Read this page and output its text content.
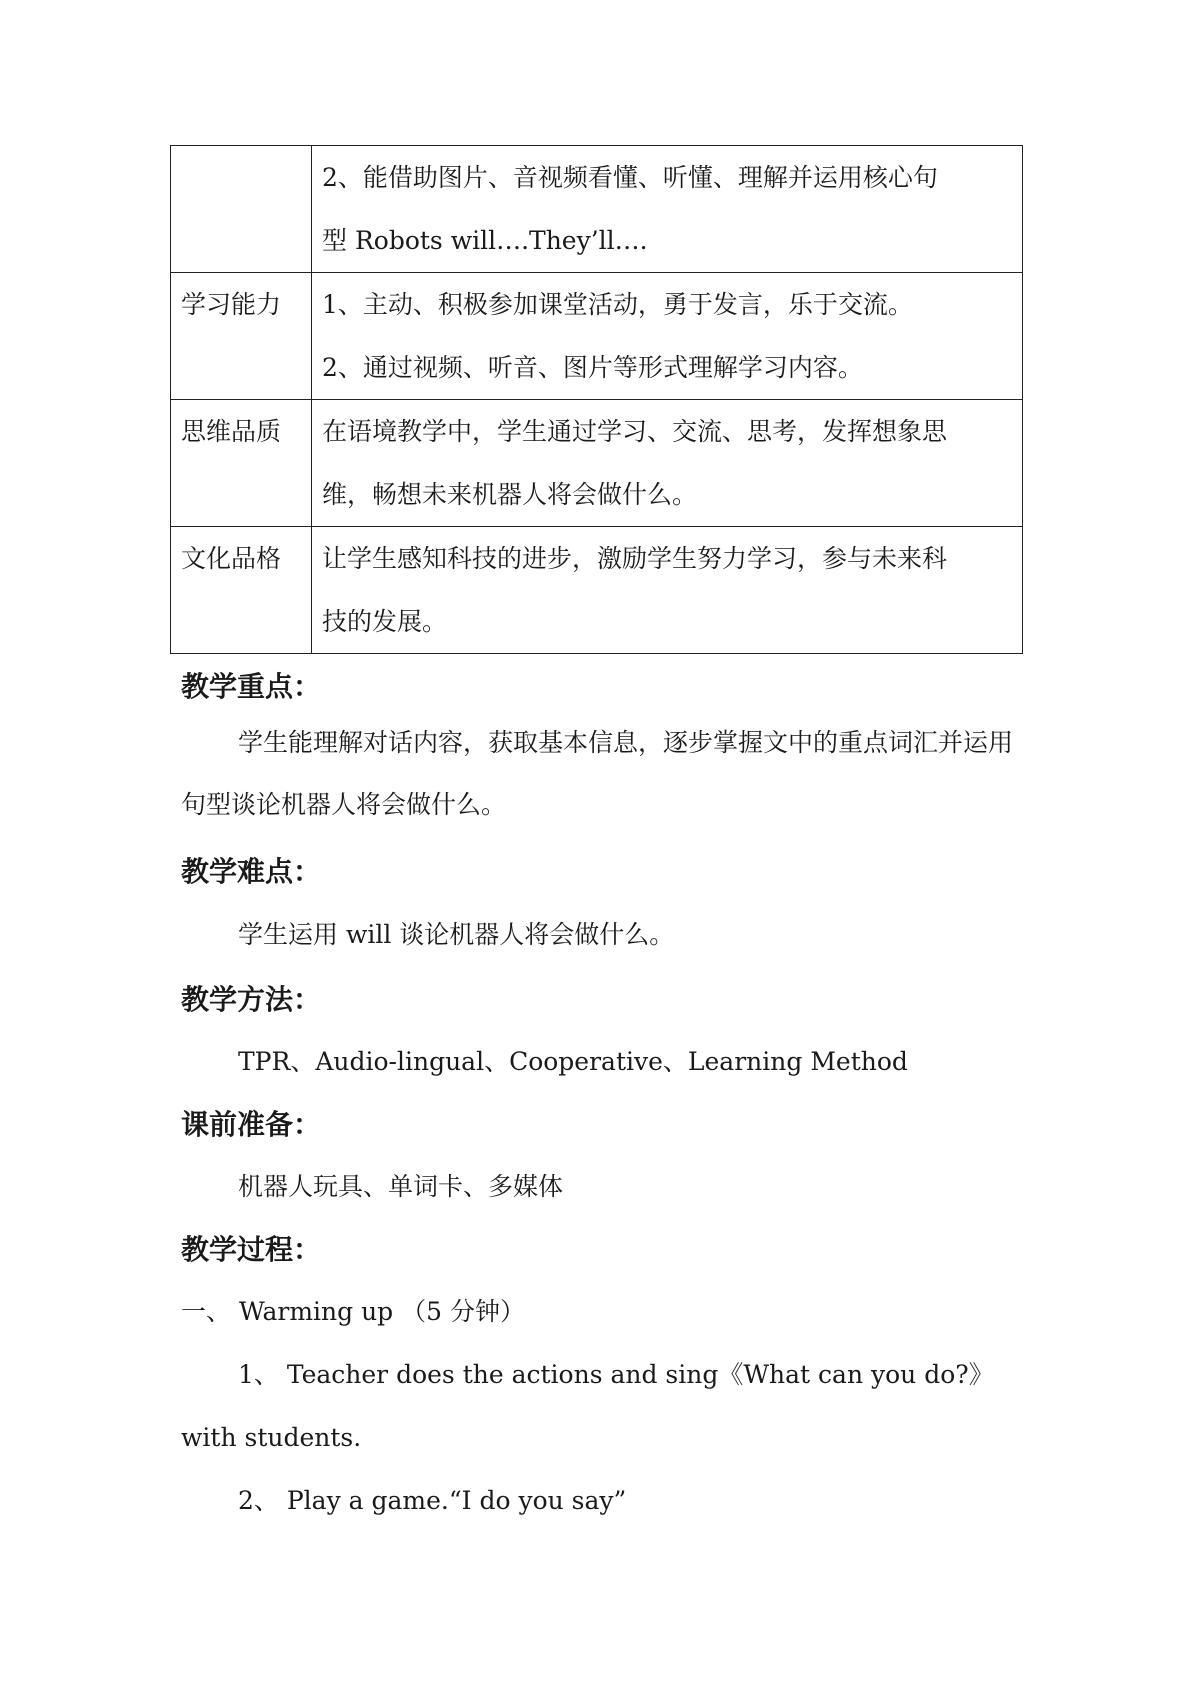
	2、能借助图片、音视频看懂、听懂、理解并运用核心句
型 Robots will….They’ll….

学习能力	1、主动、积极参加课堂活动，勇于发言，乐于交流。
2、通过视频、听音、图片等形式理解学习内容。

思维品质	在语境教学中，学生通过学习、交流、思考，发挥想象思
维，畅想未来机器人将会做什么。

文化品格	让学生感知科技的进步，激励学生努力学习，参与未来科
技的发展。
教学重点：
学生能理解对话内容，获取基本信息，逐步掌握文中的重点词汇并运用句型谈论机器人将会做什么。
教学难点：
学生运用 will 谈论机器人将会做什么。
教学方法：
TPR、Audio-lingual、Cooperative、Learning Method
课前准备：
机器人玩具、单词卡、多媒体
教学过程：
一、 Warming up （5 分钟）
1、 Teacher does the actions and sing《What can you do?》
with students.
2、 Play a game.“I do you say”
